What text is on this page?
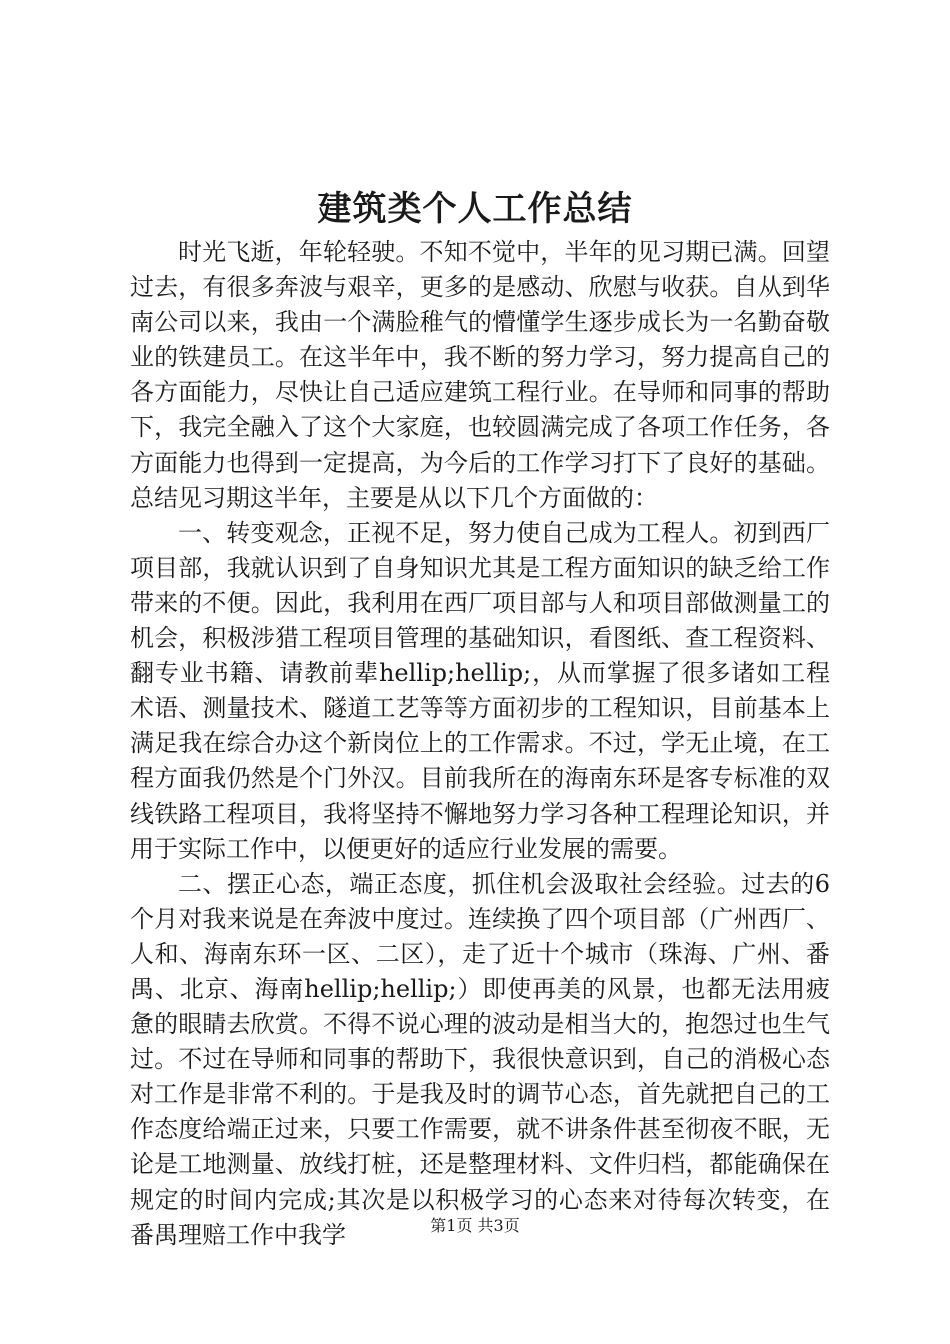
建筑类个人工作总结

时光飞逝，年轮轻驶。不知不觉中，半年的见习期已满。回望过去，有很多奔波与艰辛，更多的是感动、欣慰与收获。自从到华南公司以来，我由一个满脸稚气的懵懂学生逐步成长为一名勤奋敬业的铁建员工。在这半年中，我不断的努力学习，努力提高自己的各方面能力，尽快让自己适应建筑工程行业。在导师和同事的帮助下，我完全融入了这个大家庭，也较圆满完成了各项工作任务，各方面能力也得到一定提高，为今后的工作学习打下了良好的基础。总结见习期这半年，主要是从以下几个方面做的：

一、转变观念，正视不足，努力使自己成为工程人。初到西厂项目部，我就认识到了自身知识尤其是工程方面知识的缺乏给工作带来的不便。因此，我利用在西厂项目部与人和项目部做测量工的机会，积极涉猎工程项目管理的基础知识，看图纸、查工程资料、翻专业书籍、请教前辈hellip;hellip;，从而掌握了很多诸如工程术语、测量技术、隧道工艺等等方面初步的工程知识，目前基本上满足我在综合办这个新岗位上的工作需求。不过，学无止境，在工程方面我仍然是个门外汉。目前我所在的海南东环是客专标准的双线铁路工程项目，我将坚持不懈地努力学习各种工程理论知识，并用于实际工作中，以便更好的适应行业发展的需要。

二、摆正心态，端正态度，抓住机会汲取社会经验。过去的6个月对我来说是在奔波中度过。连续换了四个项目部（广州西厂、人和、海南东环一区、二区），走了近十个城市（珠海、广州、番禺、北京、海南hellip;hellip;）即使再美的风景，也都无法用疲惫的眼睛去欣赏。不得不说心理的波动是相当大的，抱怨过也生气过。不过在导师和同事的帮助下，我很快意识到，自己的消极心态对工作是非常不利的。于是我及时的调节心态，首先就把自己的工作态度给端正过来，只要工作需要，就不讲条件甚至彻夜不眠，无论是工地测量、放线打桩，还是整理材料、文件归档，都能确保在规定的时间内完成;其次是以积极学习的心态来对待每次转变，在番禺理赔工作中我学	第1页 共3页
